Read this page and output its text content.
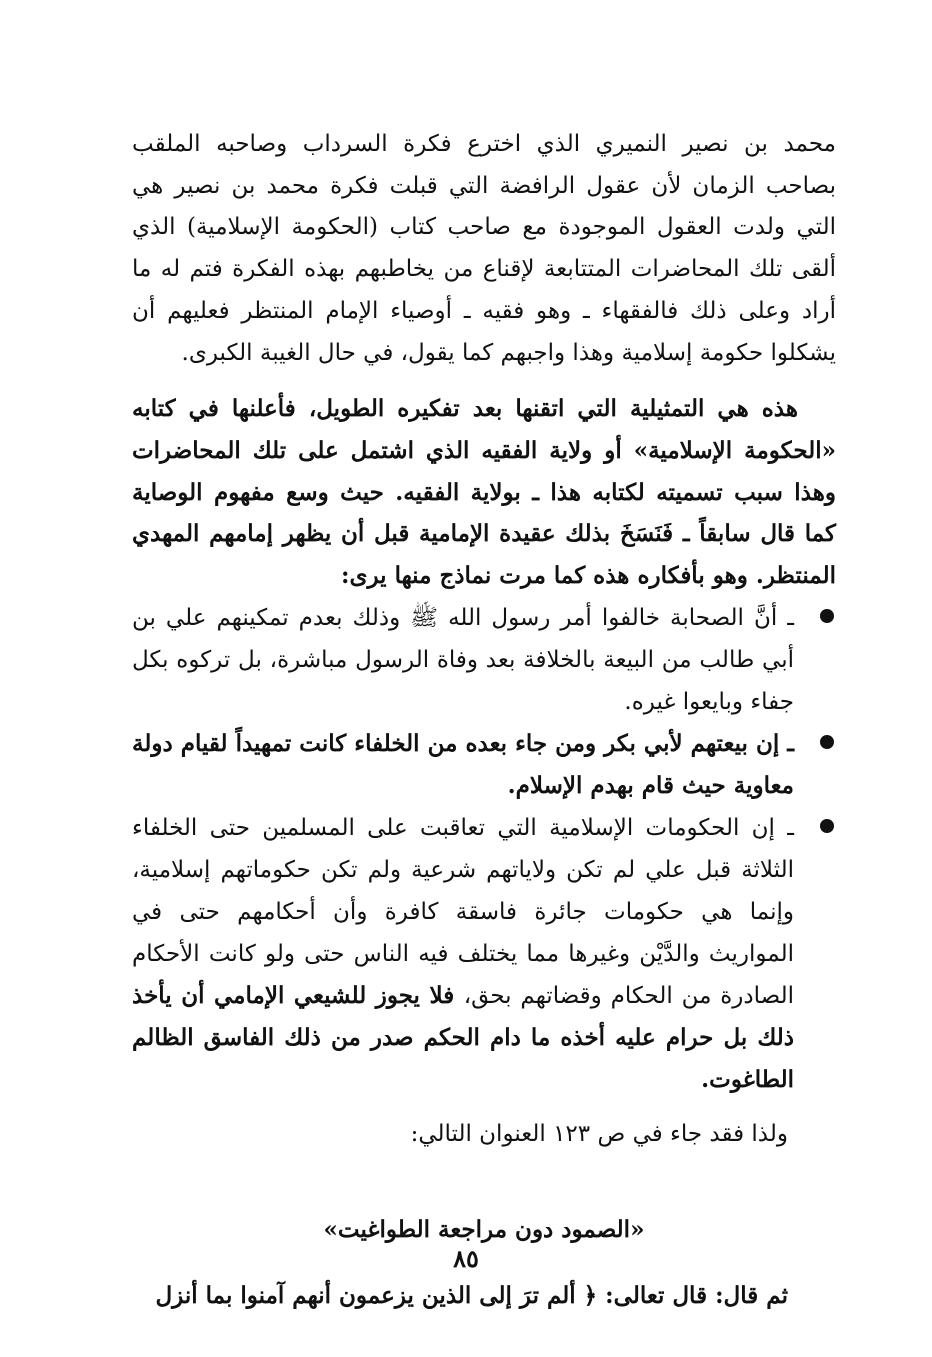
محمد بن نصير النميري الذي اخترع فكرة السرداب وصاحبه الملقب بصاحب الزمان لأن عقول الرافضة التي قبلت فكرة محمد بن نصير هي التي ولدت العقول الموجودة مع صاحب كتاب (الحكومة الإسلامية) الذي ألقى تلك المحاضرات المتتابعة لإقناع من يخاطبهم بهذه الفكرة فتم له ما أراد وعلى ذلك فالفقهاء ـ وهو فقيه ـ أوصياء الإمام المنتظر فعليهم أن يشكلوا حكومة إسلامية وهذا واجبهم كما يقول، في حال الغيبة الكبرى.

هذه هي التمثيلية التي اتقنها بعد تفكيره الطويل، فأعلنها في كتابه «الحكومة الإسلامية» أو ولاية الفقيه الذي اشتمل على تلك المحاضرات وهذا سبب تسميته لكتابه هذا ـ بولاية الفقيه. حيث وسع مفهوم الوصاية كما قال سابقاً ـ فَنَسَخَ بذلك عقيدة الإمامية قبل أن يظهر إمامهم المهدي المنتظر. وهو بأفكاره هذه كما مرت نماذج منها يرى:

ـ أنَّ الصحابة خالفوا أمر رسول الله ﷺ وذلك بعدم تمكينهم علي بن أبي طالب من البيعة بالخلافة بعد وفاة الرسول مباشرة، بل تركوه بكل جفاء وبايعوا غيره.
ـ إن بيعتهم لأبي بكر ومن جاء بعده من الخلفاء كانت تمهيداً لقيام دولة معاوية حيث قام بهدم الإسلام.
ـ إن الحكومات الإسلامية التي تعاقبت على المسلمين حتى الخلفاء الثلاثة قبل علي لم تكن ولاياتهم شرعية ولم تكن حكوماتهم إسلامية، وإنما هي حكومات جائرة فاسقة كافرة وأن أحكامهم حتى في المواريث والدَّيْن وغيرها مما يختلف فيه الناس حتى ولو كانت الأحكام الصادرة من الحكام وقضاتهم بحق، فلا يجوز للشيعي الإمامي أن يأخذ ذلك بل حرام عليه أخذه ما دام الحكم صدر من ذلك الفاسق الظالم الطاغوت.

ولذا فقد جاء في ص ١٢٣ العنوان التالي:

«الصمود دون مراجعة الطواغيت»

ثم قال: قال تعالى: ﴿ ألم ترَ إلى الذين يزعمون أنهم آمنوا بما أنزل

٨٥
